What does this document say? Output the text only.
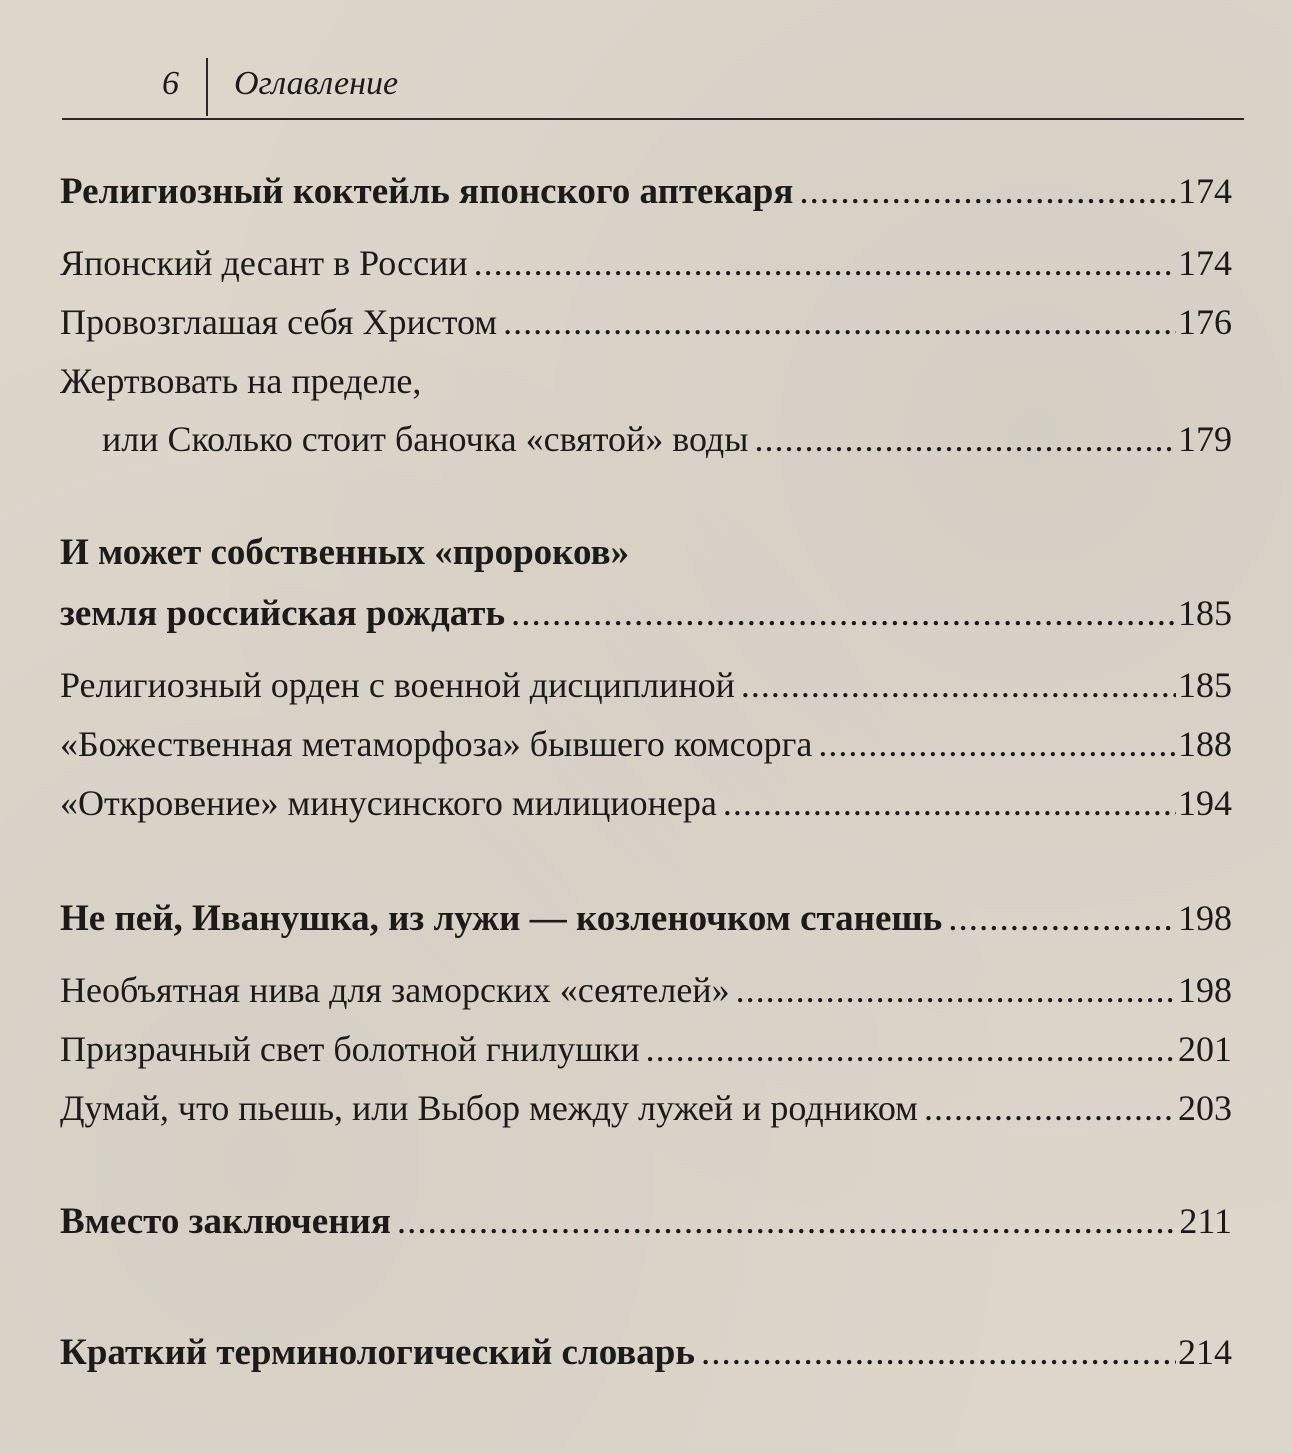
6 Оглавление
Религиозный коктейль японского аптекаря .....	174
Японский десант в России .....	174
Провозглашая себя Христом .....	176
Жертвовать на пределе,
или Сколько стоит баночка «святой» воды .....	179
И может собственных «пророков»
земля российская рождать .....	185
Религиозный орден с военной дисциплиной .....	185
«Божественная метаморфоза» бывшего комсорга .....	188
«Откровение» минусинского милиционера .....	194
Не пей, Иванушка, из лужи — козленочком станешь .....	198
Необъятная нива для заморских «сеятелей» .....	198
Призрачный свет болотной гнилушки .....	201
Думай, что пьешь, или Выбор между лужей и родником .....	203
Вместо заключения .....	211
Краткий терминологический словарь .....	214
